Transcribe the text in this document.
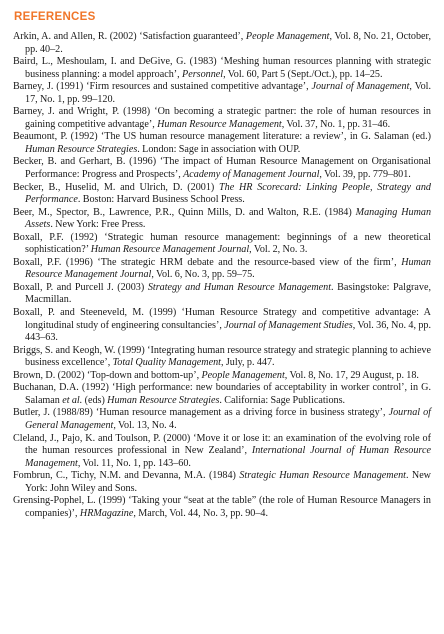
REFERENCES
Arkin, A. and Allen, R. (2002) ‘Satisfaction guaranteed’, People Management, Vol. 8, No. 21, October, pp. 40–2.
Baird, L., Meshoulam, I. and DeGive, G. (1983) ‘Meshing human resources planning with strategic business planning: a model approach’, Personnel, Vol. 60, Part 5 (Sept./Oct.), pp. 14–25.
Barney, J. (1991) ‘Firm resources and sustained competitive advantage’, Journal of Management, Vol. 17, No. 1, pp. 99–120.
Barney, J. and Wright, P. (1998) ‘On becoming a strategic partner: the role of human resources in gaining competitive advantage’, Human Resource Management, Vol. 37, No. 1, pp. 31–46.
Beaumont, P. (1992) ‘The US human resource management literature: a review’, in G. Salaman (ed.) Human Resource Strategies. London: Sage in association with OUP.
Becker, B. and Gerhart, B. (1996) ‘The impact of Human Resource Management on Organisational Performance: Progress and Prospects’, Academy of Management Journal, Vol. 39, pp. 779–801.
Becker, B., Huselid, M. and Ulrich, D. (2001) The HR Scorecard: Linking People, Strategy and Performance. Boston: Harvard Business School Press.
Beer, M., Spector, B., Lawrence, P.R., Quinn Mills, D. and Walton, R.E. (1984) Managing Human Assets. New York: Free Press.
Boxall, P.F. (1992) ‘Strategic human resource management: beginnings of a new theoretical sophistication?’ Human Resource Management Journal, Vol. 2, No. 3.
Boxall, P.F. (1996) ‘The strategic HRM debate and the resource-based view of the firm’, Human Resource Management Journal, Vol. 6, No. 3, pp. 59–75.
Boxall, P. and Purcell J. (2003) Strategy and Human Resource Management. Basingstoke: Palgrave, Macmillan.
Boxall, P. and Steeneveld, M. (1999) ‘Human Resource Strategy and competitive advantage: A longitudinal study of engineering consultancies’, Journal of Management Studies, Vol. 36, No. 4, pp. 443–63.
Briggs, S. and Keogh, W. (1999) ‘Integrating human resource strategy and strategic planning to achieve business excellence’, Total Quality Management, July, p. 447.
Brown, D. (2002) ‘Top-down and bottom-up’, People Management, Vol. 8, No. 17, 29 August, p. 18.
Buchanan, D.A. (1992) ‘High performance: new boundaries of acceptability in worker control’, in G. Salaman et al. (eds) Human Resource Strategies. California: Sage Publications.
Butler, J. (1988/89) ‘Human resource management as a driving force in business strategy’, Journal of General Management, Vol. 13, No. 4.
Cleland, J., Pajo, K. and Toulson, P. (2000) ‘Move it or lose it: an examination of the evolving role of the human resources professional in New Zealand’, International Journal of Human Resource Management, Vol. 11, No. 1, pp. 143–60.
Fombrun, C., Tichy, N.M. and Devanna, M.A. (1984) Strategic Human Resource Management. New York: John Wiley and Sons.
Grensing-Pophel, L. (1999) ‘Taking your “seat at the table” (the role of Human Resource Managers in companies)’, HRMagazine, March, Vol. 44, No. 3, pp. 90–4.
